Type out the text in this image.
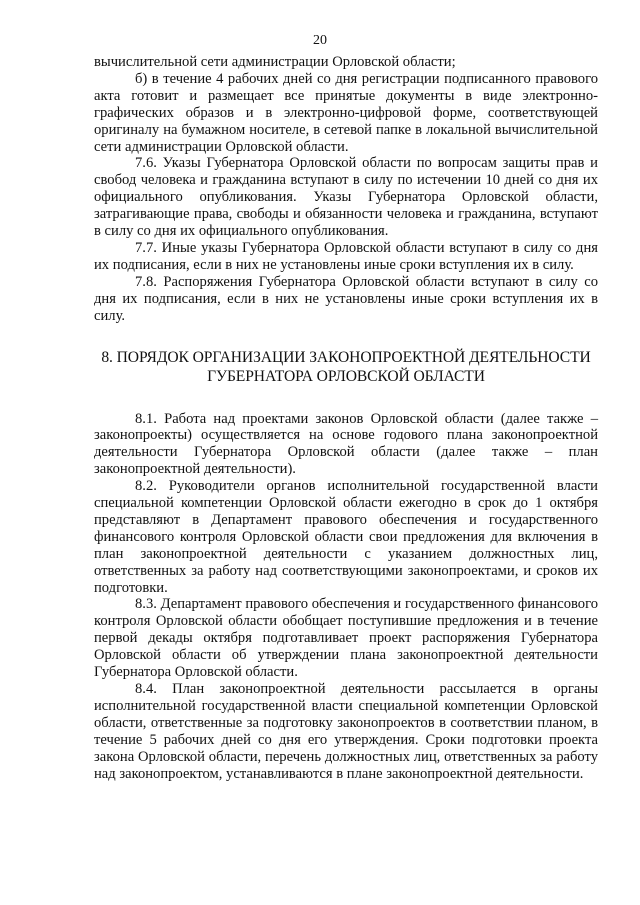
20

вычислительной сети администрации Орловской области;

б) в течение 4 рабочих дней со дня регистрации подписанного правового акта готовит и размещает все принятые документы в виде электронно-графических образов и в электронно-цифровой форме, соответствующей оригиналу на бумажном носителе, в сетевой папке в локальной вычислительной сети администрации Орловской области.

7.6. Указы Губернатора Орловской области по вопросам защиты прав и свобод человека и гражданина вступают в силу по истечении 10 дней со дня их официального опубликования. Указы Губернатора Орловской области, затрагивающие права, свободы и обязанности человека и гражданина, вступают в силу со дня их официального опубликования.

7.7. Иные указы Губернатора Орловской области вступают в силу со дня их подписания, если в них не установлены иные сроки вступления их в силу.

7.8. Распоряжения Губернатора Орловской области вступают в силу со дня их подписания, если в них не установлены иные сроки вступления их в силу.

8. ПОРЯДОК ОРГАНИЗАЦИИ ЗАКОНОПРОЕКТНОЙ ДЕЯТЕЛЬНОСТИ
ГУБЕРНАТОРА ОРЛОВСКОЙ ОБЛАСТИ

8.1. Работа над проектами законов Орловской области (далее также – законопроекты) осуществляется на основе годового плана законопроектной деятельности Губернатора Орловской области (далее также – план законопроектной деятельности).

8.2. Руководители органов исполнительной государственной власти специальной компетенции Орловской области ежегодно в срок до 1 октября представляют в Департамент правового обеспечения и государственного финансового контроля Орловской области свои предложения для включения в план законопроектной деятельности с указанием должностных лиц, ответственных за работу над соответствующими законопроектами, и сроков их подготовки.

8.3. Департамент правового обеспечения и государственного финансового контроля Орловской области обобщает поступившие предложения и в течение первой декады октября подготавливает проект распоряжения Губернатора Орловской области об утверждении плана законопроектной деятельности Губернатора Орловской области.

8.4. План законопроектной деятельности рассылается в органы исполнительной государственной власти специальной компетенции Орловской области, ответственные за подготовку законопроектов в соответствии планом, в течение 5 рабочих дней со дня его утверждения. Сроки подготовки проекта закона Орловской области, перечень должностных лиц, ответственных за работу над законопроектом, устанавливаются в плане законопроектной деятельности.
